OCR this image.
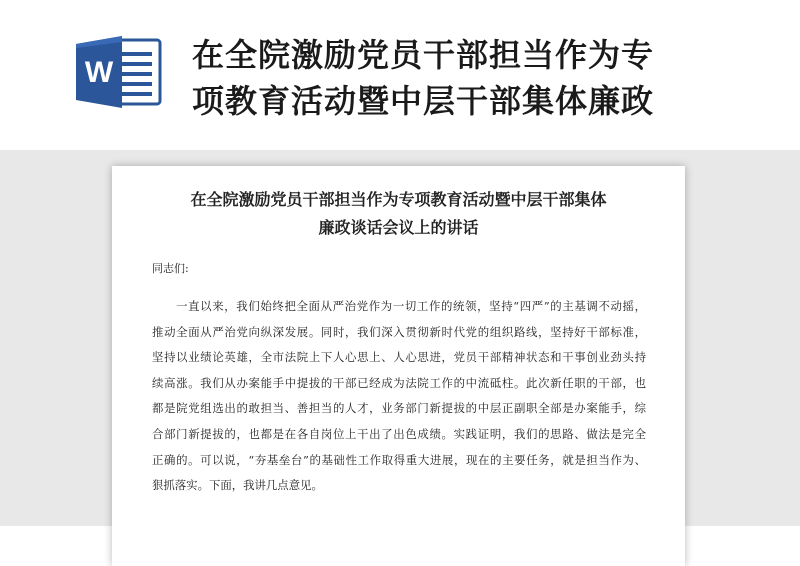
W 在全院激励党员干部担当作为专
项教育活动暨中层干部集体廉政
在全院激励党员干部担当作为专项教育活动暨中层干部集体
廉政谈话会议上的讲话
同志们:
　　一直以来，我们始终把全面从严治党作为一切工作的统领，坚持“四严”的主基调不动摇，
推动全面从严治党向纵深发展。同时，我们深入贯彻新时代党的组织路线，坚持好干部标准，
坚持以业绩论英雄，全市法院上下人心思上、人心思进，党员干部精神状态和干事创业劲头持
续高涨。我们从办案能手中提拔的干部已经成为法院工作的中流砥柱。此次新任职的干部，也
都是院党组选出的敢担当、善担当的人才，业务部门新提拔的中层正副职全部是办案能手，综
合部门新提拔的，也都是在各自岗位上干出了出色成绩。实践证明，我们的思路、做法是完全
正确的。可以说，“夯基垒台”的基础性工作取得重大进展，现在的主要任务，就是担当作为、
狠抓落实。下面，我讲几点意见。
